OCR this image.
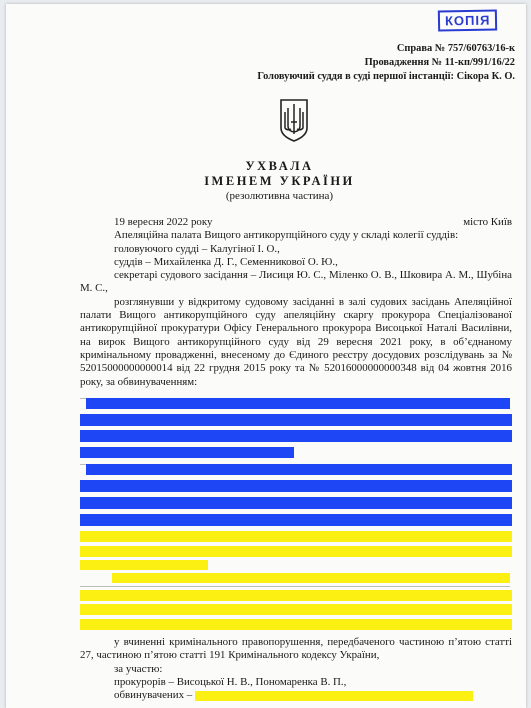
КОПІЯ
Справа № 757/60763/16-к
Провадження № 11-кп/991/16/22
Головуючий суддя в суді першої інстанції: Сікора К. О.
УХВАЛА
ІМЕНЕМ УКРАЇНИ
(резолютивна частина)
19 вересня 2022 року	місто Київ

Апеляційна палата Вищого антикорупційного суду у складі колегії суддів:

головуючого судді – Калугіної І. О.,

суддів – Михайленка Д. Г., Семенникової О. Ю.,

секретарі судового засідання – Лисиця Ю. С., Міленко О. В., Шковира А. М., Шубіна М. С.,

розглянувши у відкритому судовому засіданні в залі судових засідань Апеляційної палати Вищого антикорупційного суду апеляційну скаргу прокурора Спеціалізованої антикорупційної прокуратури Офісу Генерального прокурора Висоцької Наталі Василівни, на вирок Вищого антикорупційного суду від 29 вересня 2021 року, в об’єднаному кримінальному провадженні, внесеному до Єдиного реєстру досудових розслідувань за № 52015000000000014 від 22 грудня 2015 року та № 52016000000000348 від 04 жовтня 2016 року, за обвинуваченням:

у вчиненні кримінального правопорушення, передбаченого частиною п’ятою статті 27, частиною п’ятою статті 191 Кримінального кодексу України,

за участю:

прокурорів – Висоцької Н. В., Пономаренка В. П.,

обвинувачених –
